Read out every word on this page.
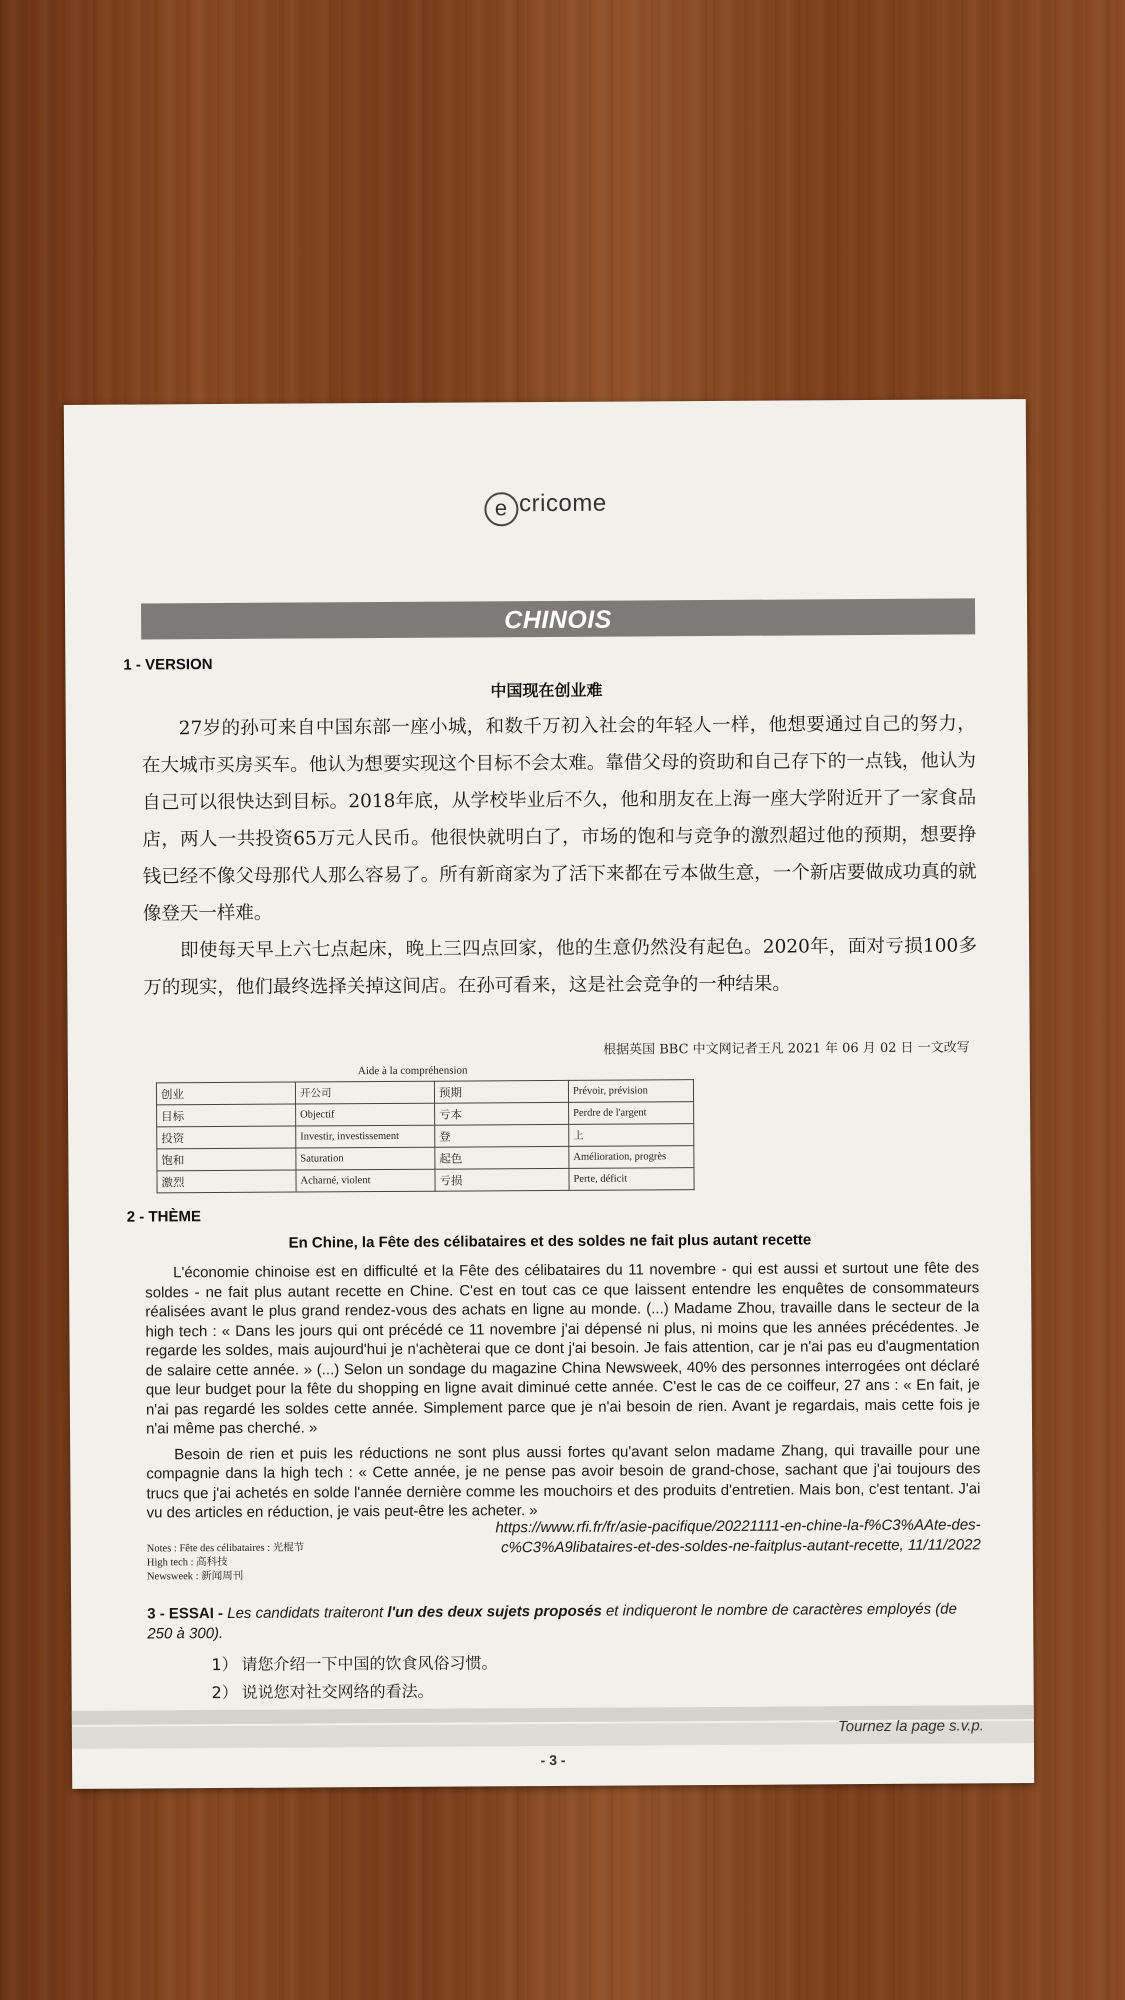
e cricome
CHINOIS
1 - VERSION
中国现在创业难

27岁的孙可来自中国东部一座小城，和数千万初入社会的年轻人一样，他想要通过自己的努力，在大城市买房买车。他认为想要实现这个目标不会太难。靠借父母的资助和自己存下的一点钱，他认为自己可以很快达到目标。2018年底，从学校毕业后不久，他和朋友在上海一座大学附近开了一家食品店，两人一共投资65万元人民币。他很快就明白了，市场的饱和与竞争的激烈超过他的预期，想要挣钱已经不像父母那代人那么容易了。所有新商家为了活下来都在亏本做生意，一个新店要做成功真的就像登天一样难。

即使每天早上六七点起床，晚上三四点回家，他的生意仍然没有起色。2020年，面对亏损100多万的现实，他们最终选择关掉这间店。在孙可看来，这是社会竞争的一种结果。

根据英国 BBC 中文网记者王凡 2021 年 06 月 02 日 一文改写
Aide à la compréhension
创业	开公司	预期	Prévoir, prévision
目标	Objectif	亏本	Perdre de l'argent
投资	Investir, investissement	登	上
饱和	Saturation	起色	Amélioration, progrès
激烈	Acharné, violent	亏损	Perte, déficit
2 - THÈME
En Chine, la Fête des célibataires et des soldes ne fait plus autant recette

L'économie chinoise est en difficulté et la Fête des célibataires du 11 novembre - qui est aussi et surtout une fête des soldes - ne fait plus autant recette en Chine. C'est en tout cas ce que laissent entendre les enquêtes de consommateurs réalisées avant le plus grand rendez-vous des achats en ligne au monde. (...) Madame Zhou, travaille dans le secteur de la high tech : « Dans les jours qui ont précédé ce 11 novembre j'ai dépensé ni plus, ni moins que les années précédentes. Je regarde les soldes, mais aujourd'hui je n'achèterai que ce dont j'ai besoin. Je fais attention, car je n'ai pas eu d'augmentation de salaire cette année. » (...) Selon un sondage du magazine China Newsweek, 40% des personnes interrogées ont déclaré que leur budget pour la fête du shopping en ligne avait diminué cette année. C'est le cas de ce coiffeur, 27 ans : « En fait, je n'ai pas regardé les soldes cette année. Simplement parce que je n'ai besoin de rien. Avant je regardais, mais cette fois je n'ai même pas cherché. »

Besoin de rien et puis les réductions ne sont plus aussi fortes qu'avant selon madame Zhang, qui travaille pour une compagnie dans la high tech : « Cette année, je ne pense pas avoir besoin de grand-chose, sachant que j'ai toujours des trucs que j'ai achetés en solde l'année dernière comme les mouchoirs et des produits d'entretien. Mais bon, c'est tentant. J'ai vu des articles en réduction, je vais peut-être les acheter. »

https://www.rfi.fr/fr/asie-pacifique/20221111-en-chine-la-f%C3%AAte-des-c%C3%A9libataires-et-des-soldes-ne-faitplus-autant-recette, 11/11/2022
Notes : Fête des célibataires : 光棍节
High tech : 高科技
Newsweek : 新闻周刊
3 - ESSAI - Les candidats traiteront l'un des deux sujets proposés et indiqueront le nombre de caractères employés (de 250 à 300).
1） 请您介绍一下中国的饮食风俗习惯。
2） 说说您对社交网络的看法。
Tournez la page s.v.p.
- 3 -
